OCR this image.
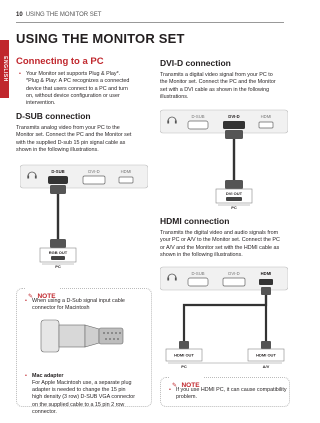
ENGLISH
10 USING THE MONITOR SET
USING THE MONITOR SET
Connecting to a PC
• Your Monitor set supports Plug & Play*.
*Plug & Play: A PC recognizes a connected
device that users connect to a PC and turn
on, without device configuration or user
intervention.
D-SUB connection
Transmits analog video from your PC to the
Monitor set. Connect the PC and the Monitor set
with the supplied D-sub 15 pin signal cable as
shown in the following illustrations.
D-SUB	DVI-D	HDMI
RGB OUT
PC
✎ NOTE
• When using a D-Sub signal input cable
connector for Macintosh
• Mac adapter
For Apple Macintosh use, a separate plug
adapter is needed to change the 15 pin
high density (3 row) D-SUB VGA connector
on the supplied cable to a 15 pin 2 row
connector.
DVI-D connection
Transmits a digital video signal from your PC to
the Monitor set. Connect the PC and the Monitor
set with a DVI cable as shown in the following
illustrations.
D-SUB	DVI-D	HDMI
DVI OUT
PC
HDMI connection
Transmits the digital video and audio signals from
your PC or A/V to the Monitor set. Connect the PC
or A/V and the Monitor set with the HDMI cable as
shown in the following illustrations.
D-SUB	DVI-D	HDMI
HDMI OUT	HDMI OUT
PC	A/V
✎ NOTE
• If you use HDMI PC, it can cause compatibility
problem.
